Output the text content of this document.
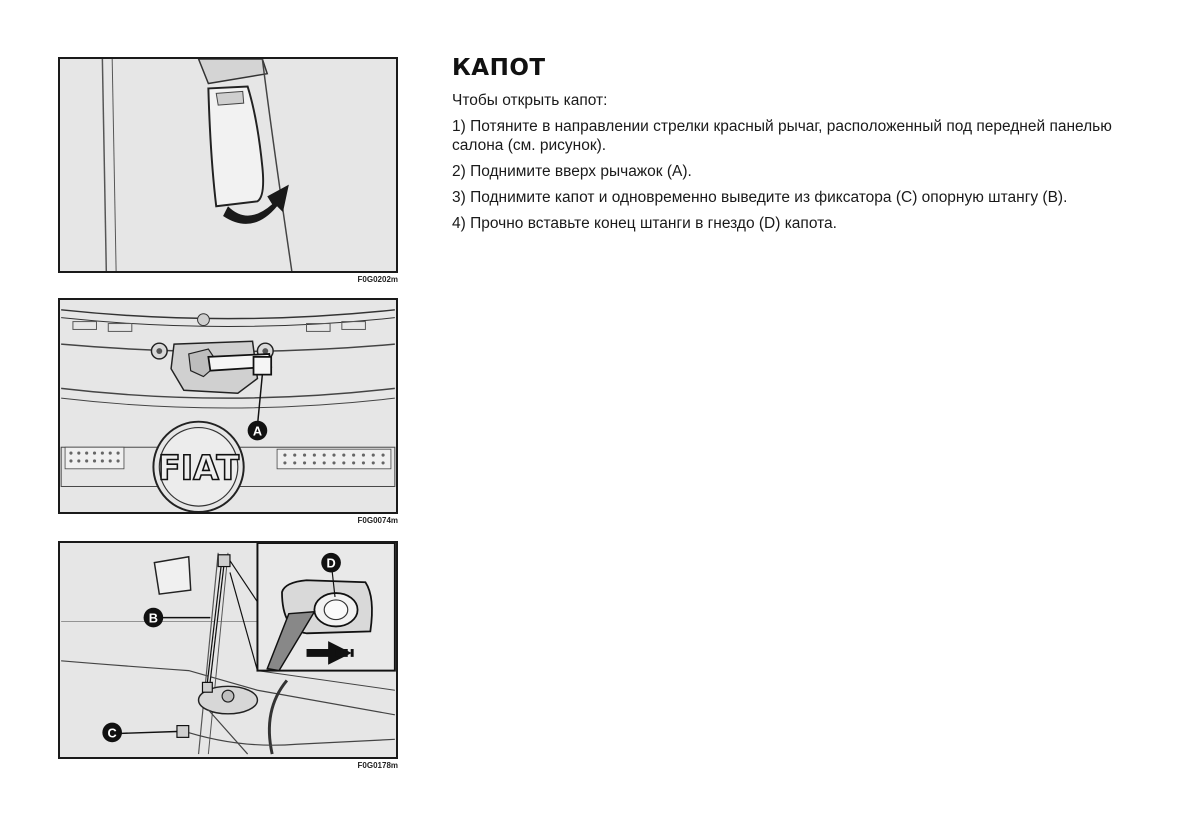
F0G0202m
A
FIAT
F0G0074m
B
C
D
F0G0178m
КАПОТ

Чтобы открыть капот:

1) Потяните в направлении стрелки красный рычаг, расположенный под передней панелью салона (см. рисунок).

2) Поднимите вверх рычажок (A).

3) Поднимите капот и одновременно выведите из фиксатора (C) опорную штангу (B).

4) Прочно вставьте конец штанги в гнездо (D) капота.
